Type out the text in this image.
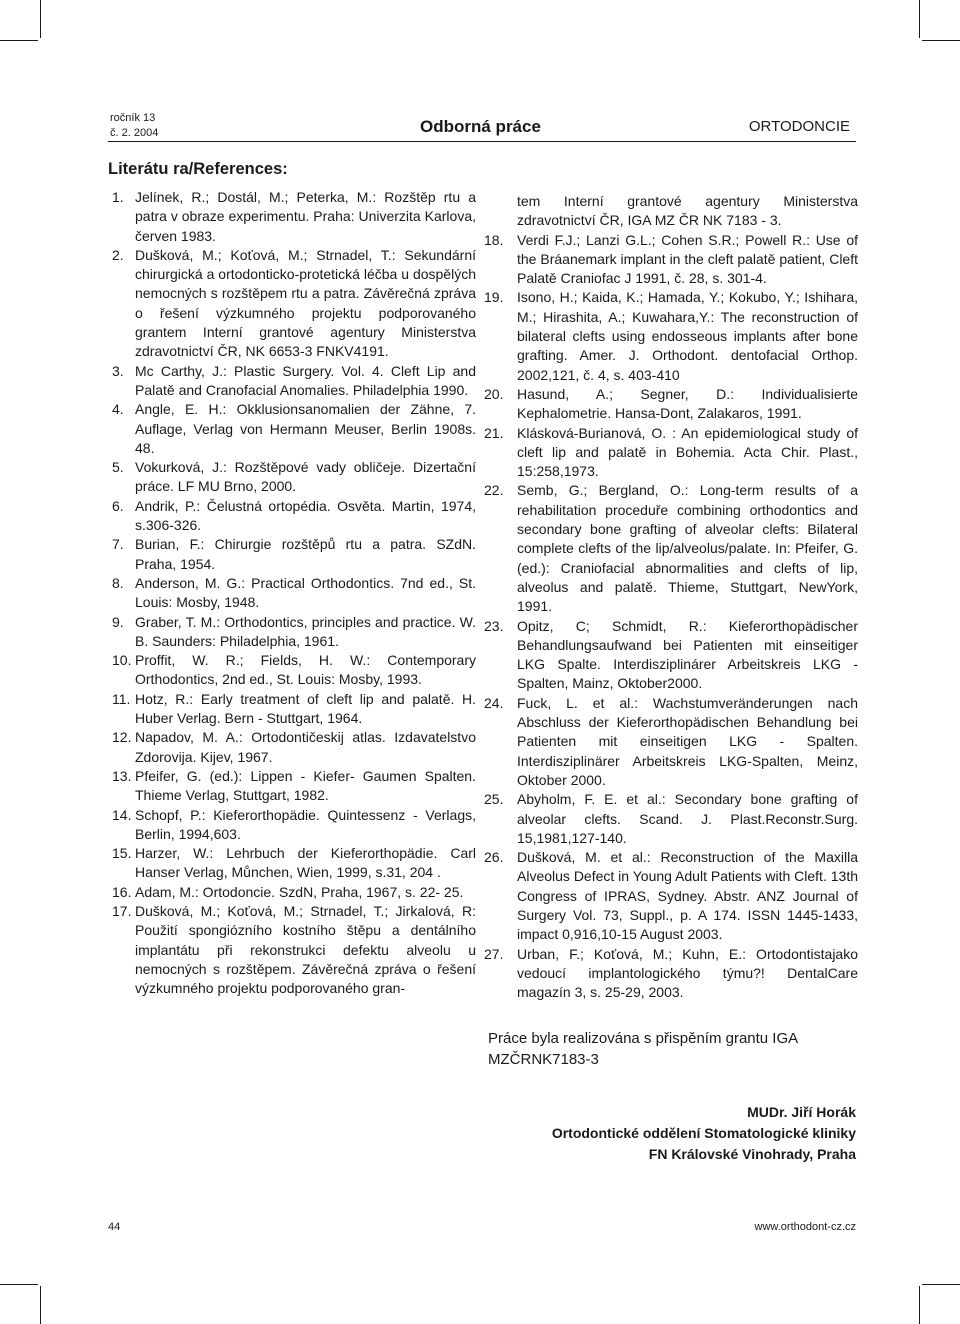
ročník 13
č. 2. 2004	Odborná práce	ORTODONCIE
Literátu ra/References:
1. Jelínek, R.; Dostál, M.; Peterka, M.: Rozštěp rtu a patra v obraze experimentu. Praha: Univerzita Karlova, červen 1983.
2. Dušková, M.; Koťová, M.; Strnadel, T.: Sekundární chirurgická a ortodonticko-protetická léčba u dospělých nemocných s rozštěpem rtu a patra. Závěrečná zpráva o řešení výzkumného projektu podporovaného grantem Interní grantové agentury Ministerstva zdravotnictví ČR, NK 6653-3 FNKV4191.
3. Mc Carthy, J.: Plastic Surgery. Vol. 4. Cleft Lip and Palatě and Cranofacial Anomalies. Philadelphia 1990.
4. Angle, E. H.: Okklusionsanomalien der Zähne, 7. Auflage, Verlag von Hermann Meuser, Berlin 1908s. 48.
5. Vokurková, J.: Rozštěpové vady obličeje. Dizertační práce. LF MU Brno, 2000.
6. Andrik, P.: Čelustná ortopédia. Osvěta. Martin, 1974, s.306-326.
7. Burian, F.: Chirurgie rozštěpů rtu a patra. SZdN. Praha, 1954.
8. Anderson, M. G.: Practical Orthodontics. 7nd ed., St. Louis: Mosby, 1948.
9. Graber, T. M.: Orthodontics, principles and practice. W. B. Saunders: Philadelphia, 1961.
10. Proffit, W. R.; Fields, H. W.: Contemporary Orthodontics, 2nd ed., St. Louis: Mosby, 1993.
11. Hotz, R.: Early treatment of cleft lip and palatě. H. Huber Verlag. Bern - Stuttgart, 1964.
12. Napadov, M. A.: Ortodontičeskij atlas. Izdavatelstvo Zdorovija. Kijev, 1967.
13. Pfeifer, G. (ed.): Lippen - Kiefer- Gaumen Spalten. Thieme Verlag, Stuttgart, 1982.
14. Schopf, P.: Kieferorthopädie. Quintessenz - Verlags, Berlin, 1994,603.
15. Harzer, W.: Lehrbuch der Kieferorthopädie. Carl Hanser Verlag, Můnchen, Wien, 1999, s.31, 204 .
16. Adam, M.: Ortodoncie. SzdN, Praha, 1967, s. 22- 25.
17. Dušková, M.; Koťová, M.; Strnadel, T.; Jirkalová, R: Použití spongiózního kostního štěpu a dentálního implantátu při rekonstrukci defektu alveolu u nemocných s rozštěpem. Závěrečná zpráva o řešení výzkumného projektu podporovaného gran-
tem Interní grantové agentury Ministerstva zdravotnictví ČR, IGA MZ ČR NK 7183 - 3.
18. Verdi F.J.; Lanzi G.L.; Cohen S.R.; Powell R.: Use of the Bráanemark implant in the cleft palatě patient, Cleft Palatě Craniofac J 1991, č. 28, s. 301-4.
19. Isono, H.; Kaida, K.; Hamada, Y.; Kokubo, Y.; Ishihara, M.; Hirashita, A.; Kuwahara,Y.: The reconstruction of bilateral clefts using endosseous implants after bone grafting. Amer. J. Orthodont. dentofacial Orthop. 2002,121, č. 4, s. 403-410
20. Hasund, A.; Segner, D.: Individualisierte Kephalometrie. Hansa-Dont, Zalakaros, 1991.
21. Klásková-Burianová, O. : An epidemiological study of cleft lip and palatě in Bohemia. Acta Chir. Plast., 15:258,1973.
22. Semb, G.; Bergland, O.: Long-term results of a rehabilitation proceduře combining orthodontics and secondary bone grafting of alveolar clefts: Bilateral complete clefts of the lip/alveolus/palate. In: Pfeifer, G. (ed.): Craniofacial abnormalities and clefts of lip, alveolus and palatě. Thieme, Stuttgart, NewYork, 1991.
23. Opitz, C; Schmidt, R.: Kieferorthopädischer Behandlungsaufwand bei Patienten mit einseitiger LKG Spalte. Interdisziplinárer Arbeitskreis LKG - Spalten, Mainz, Oktober2000.
24. Fuck, L. et al.: Wachstumveränderungen nach Abschluss der Kieferorthopädischen Behandlung bei Patienten mit einseitigen LKG - Spalten. Interdisziplinärer Arbeitskreis LKG-Spalten, Meinz, Oktober 2000.
25. Abyholm, F. E. et al.: Secondary bone grafting of alveolar clefts. Scand. J. Plast.Reconstr.Surg. 15,1981,127-140.
26. Dušková, M. et al.: Reconstruction of the Maxilla Alveolus Defect in Young Adult Patients with Cleft. 13th Congress of IPRAS, Sydney. Abstr. ANZ Journal of Surgery Vol. 73, Suppl., p. A 174. ISSN 1445-1433, impact 0,916,10-15 August 2003.
27. Urban, F.; Koťová, M.; Kuhn, E.: Ortodontistajako vedoucí implantologického týmu?! DentalCare magazín 3, s. 25-29, 2003.
Práce byla realizována s přispěním grantu IGA MZČRNK7183-3
MUDr. Jiří Horák
Ortodontické oddělení Stomatologické kliniky
FN Královské Vinohrady, Praha
44	www.orthodont-cz.cz
